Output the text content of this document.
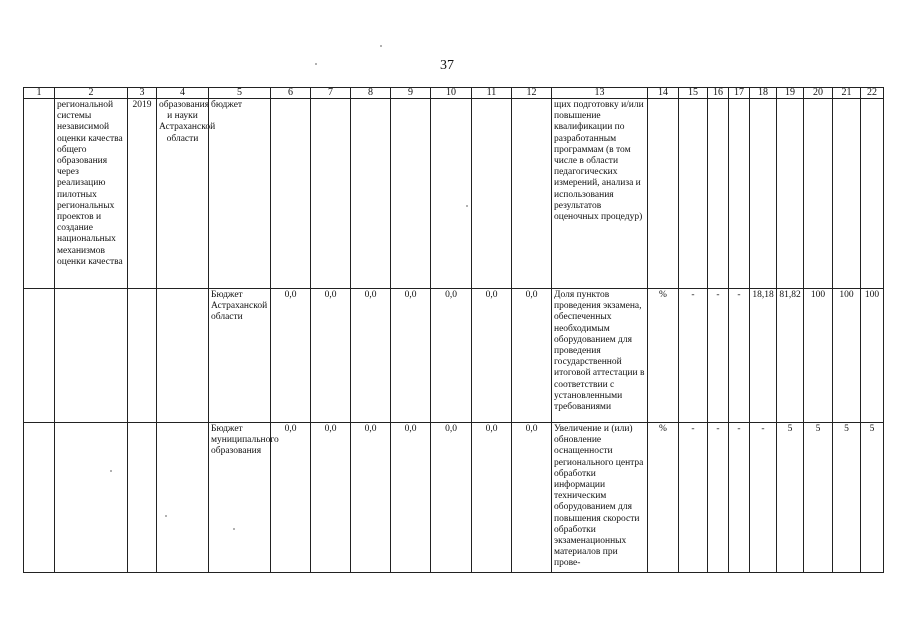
37
1	2	3	4	5	6	7	8	9	10	11	12	13	14	15	16	17	18	19	20	21	22
	региональной системы независимой оценки качества общего образования через реализацию пилотных региональных проектов и создание национальных механизмов оценки качества	2019	образования и науки Астраханской области	бюджет								щих подготовку и/или повышение квалификации по разработанным программам (в том числе в области педагогических измерений, анализа и использования результатов оценочных процедур)									
				Бюджет Астраханской области	0,0	0,0	0,0	0,0	0,0	0,0	0,0	Доля пунктов проведения экзамена, обеспеченных необходимым оборудованием для проведения государственной итоговой аттестации в соответствии с установленными требованиями	%	-	-	-	18,18	81,82	100	100	100
				Бюджет муниципального образования	0,0	0,0	0,0	0,0	0,0	0,0	0,0	Увеличение и (или) обновление оснащенности регионального центра обработки информации техническим оборудованием для повышения скорости обработки экзаменационных материалов при прове-	%	-	-	-	-	5	5	5	5
